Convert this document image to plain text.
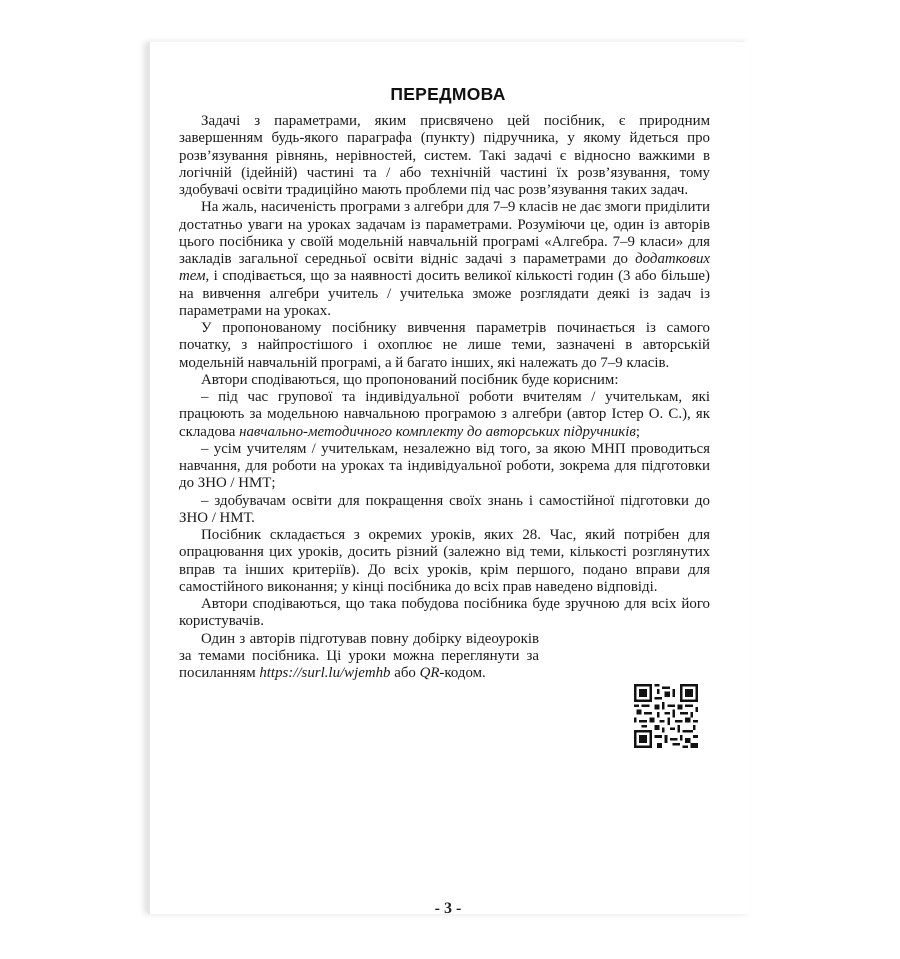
ПЕРЕДМОВА

Задачі з параметрами, яким присвячено цей посібник, є природним завершенням будь-якого параграфа (пункту) підручника, у якому йдеться про розв’язування рівнянь, нерівностей, систем. Такі задачі є відносно важкими в логічній (ідейній) частині та / або технічній частині їх розв’язування, тому здобувачі освіти традиційно мають проблеми під час розв’язування таких задач.

На жаль, насиченість програми з алгебри для 7–9 класів не дає змоги приділити достатньо уваги на уроках задачам із параметрами. Розуміючи це, один із авторів цього посібника у своїй модельній навчальній програмі «Алгебра. 7–9 класи» для закладів загальної середньої освіти відніс задачі з параметрами до додаткових тем, і сподівається, що за наявності досить великої кількості годин (3 або більше) на вивчення алгебри учитель / учителька зможе розглядати деякі із задач із параметрами на уроках.

У пропонованому посібнику вивчення параметрів починається із самого початку, з найпростішого і охоплює не лише теми, зазначені в авторській модельній навчальній програмі, а й багато інших, які належать до 7–9 класів.

Автори сподіваються, що пропонований посібник буде корисним:

– під час групової та індивідуальної роботи вчителям / учителькам, які працюють за модельною навчальною програмою з алгебри (автор Істер О. С.), як складова навчально-методичного комплекту до авторських підручників;

– усім учителям / учителькам, незалежно від того, за якою МНП проводиться навчання, для роботи на уроках та індивідуальної роботи, зокрема для підготовки до ЗНО / НМТ;

– здобувачам освіти для покращення своїх знань і самостійної підготовки до ЗНО / НМТ.

Посібник складається з окремих уроків, яких 28. Час, який потрібен для опрацювання цих уроків, досить різний (залежно від теми, кількості розглянутих вправ та інших критеріїв). До всіх уроків, крім першого, подано вправи для самостійного виконання; у кінці посібника до всіх прав наведено відповіді.

Автори сподіваються, що така побудова посібника буде зручною для всіх його користувачів.

Один з авторів підготував повну добірку відеоуроків за темами посібника. Ці уроки можна переглянути за посиланням https://surl.lu/wjemhb або QR-кодом.
- 3 -
